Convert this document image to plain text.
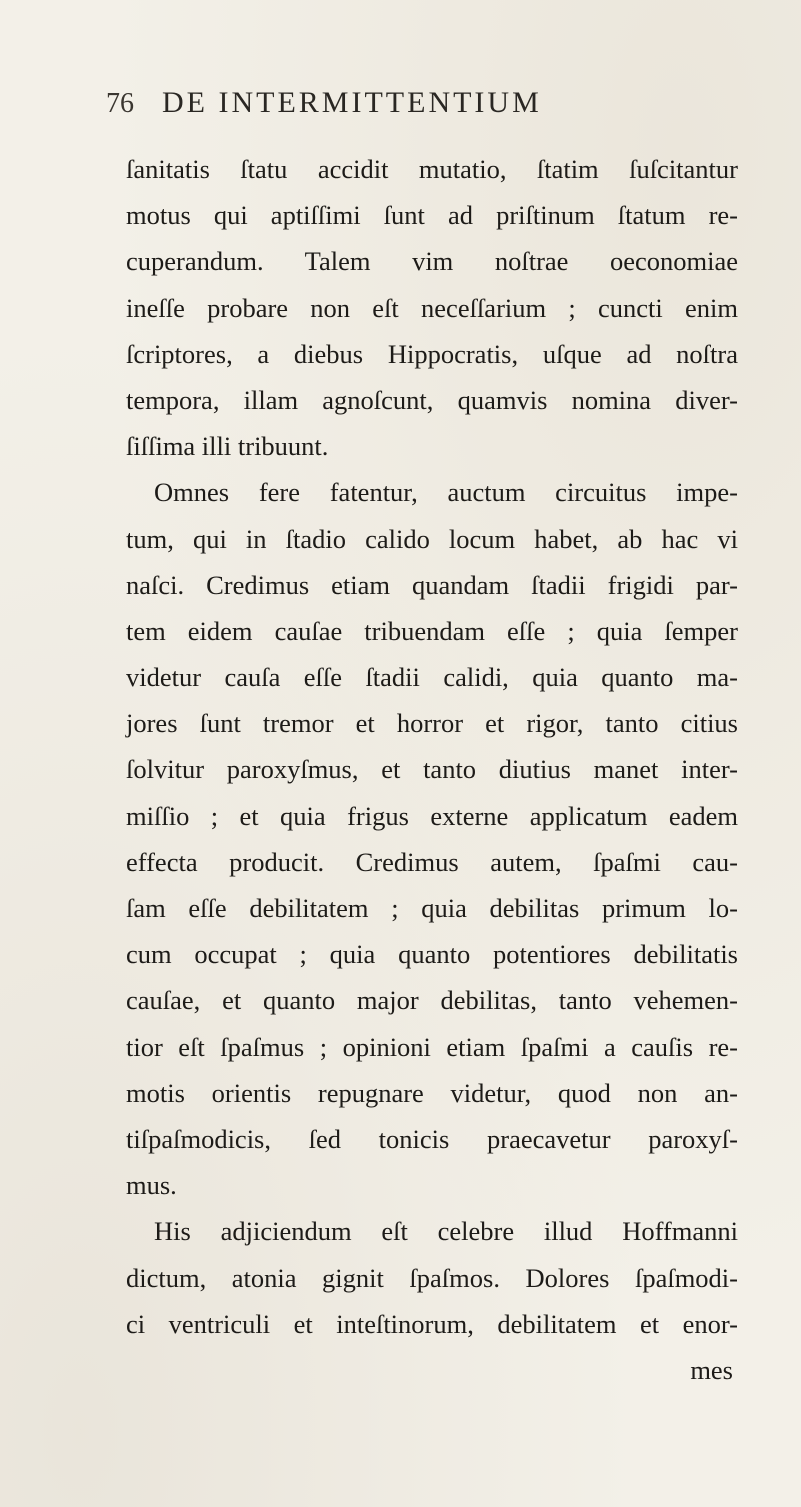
76 DE INTERMITTENTIUM
ſanitatis ſtatu accidit mutatio, ſtatim ſuſcitantur
motus qui aptiſſimi ſunt ad priſtinum ſtatum re-
cuperandum. Talem vim noſtrae oeconomiae
ineſſe probare non eſt neceſſarium ; cuncti enim
ſcriptores, a diebus Hippocratis, uſque ad noſtra
tempora, illam agnoſcunt, quamvis nomina diver-
ſiſſima illi tribuunt.
Omnes fere fatentur, auctum circuitus impe-
tum, qui in ſtadio calido locum habet, ab hac vi
naſci. Credimus etiam quandam ſtadii frigidi par-
tem eidem cauſae tribuendam eſſe ; quia ſemper
videtur cauſa eſſe ſtadii calidi, quia quanto ma-
jores ſunt tremor et horror et rigor, tanto citius
ſolvitur paroxyſmus, et tanto diutius manet inter-
miſſio ; et quia frigus externe applicatum eadem
effecta producit. Credimus autem, ſpaſmi cau-
ſam eſſe debilitatem ; quia debilitas primum lo-
cum occupat ; quia quanto potentiores debilitatis
cauſae, et quanto major debilitas, tanto vehemen-
tior eſt ſpaſmus ; opinioni etiam ſpaſmi a cauſis re-
motis orientis repugnare videtur, quod non an-
tiſpaſmodicis, ſed tonicis praecavetur paroxyſ-
mus.
His adjiciendum eſt celebre illud Hoffmanni
dictum, atonia gignit ſpaſmos. Dolores ſpaſmodi-
ci ventriculi et inteſtinorum, debilitatem et enor-
mes
